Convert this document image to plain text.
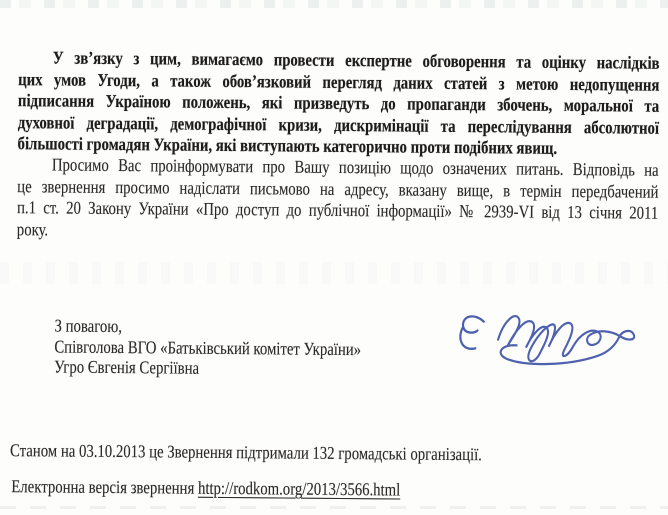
У зв’язку з цим, вимагаємо провести експертне обговорення та оцінку наслідків
цих умов Угоди, а також обов’язковий перегляд даних статей з метою недопущення
підписання Україною положень, які призведуть до пропаганди збочень, моральної та
духовної деградації, демографічної кризи, дискримінації та переслідування абсолютної
більшості громадян України, які виступають категорично проти подібних явищ.
Просимо Вас проінформувати про Вашу позицію щодо означених питань. Відповідь на
це звернення просимо надіслати письмово на адресу, вказану вище, в термін передбачений
п.1 ст. 20 Закону України «Про доступ до публічної інформації» № 2939-VI від 13 січня 2011
року.
З повагою,
Співголова ВГО «Батьківський комітет України»
Угро Євгенія Сергіївна
Станом на 03.10.2013 це Звернення підтримали 132 громадські організації.
Електронна версія звернення http://rodkom.org/2013/3566.html
